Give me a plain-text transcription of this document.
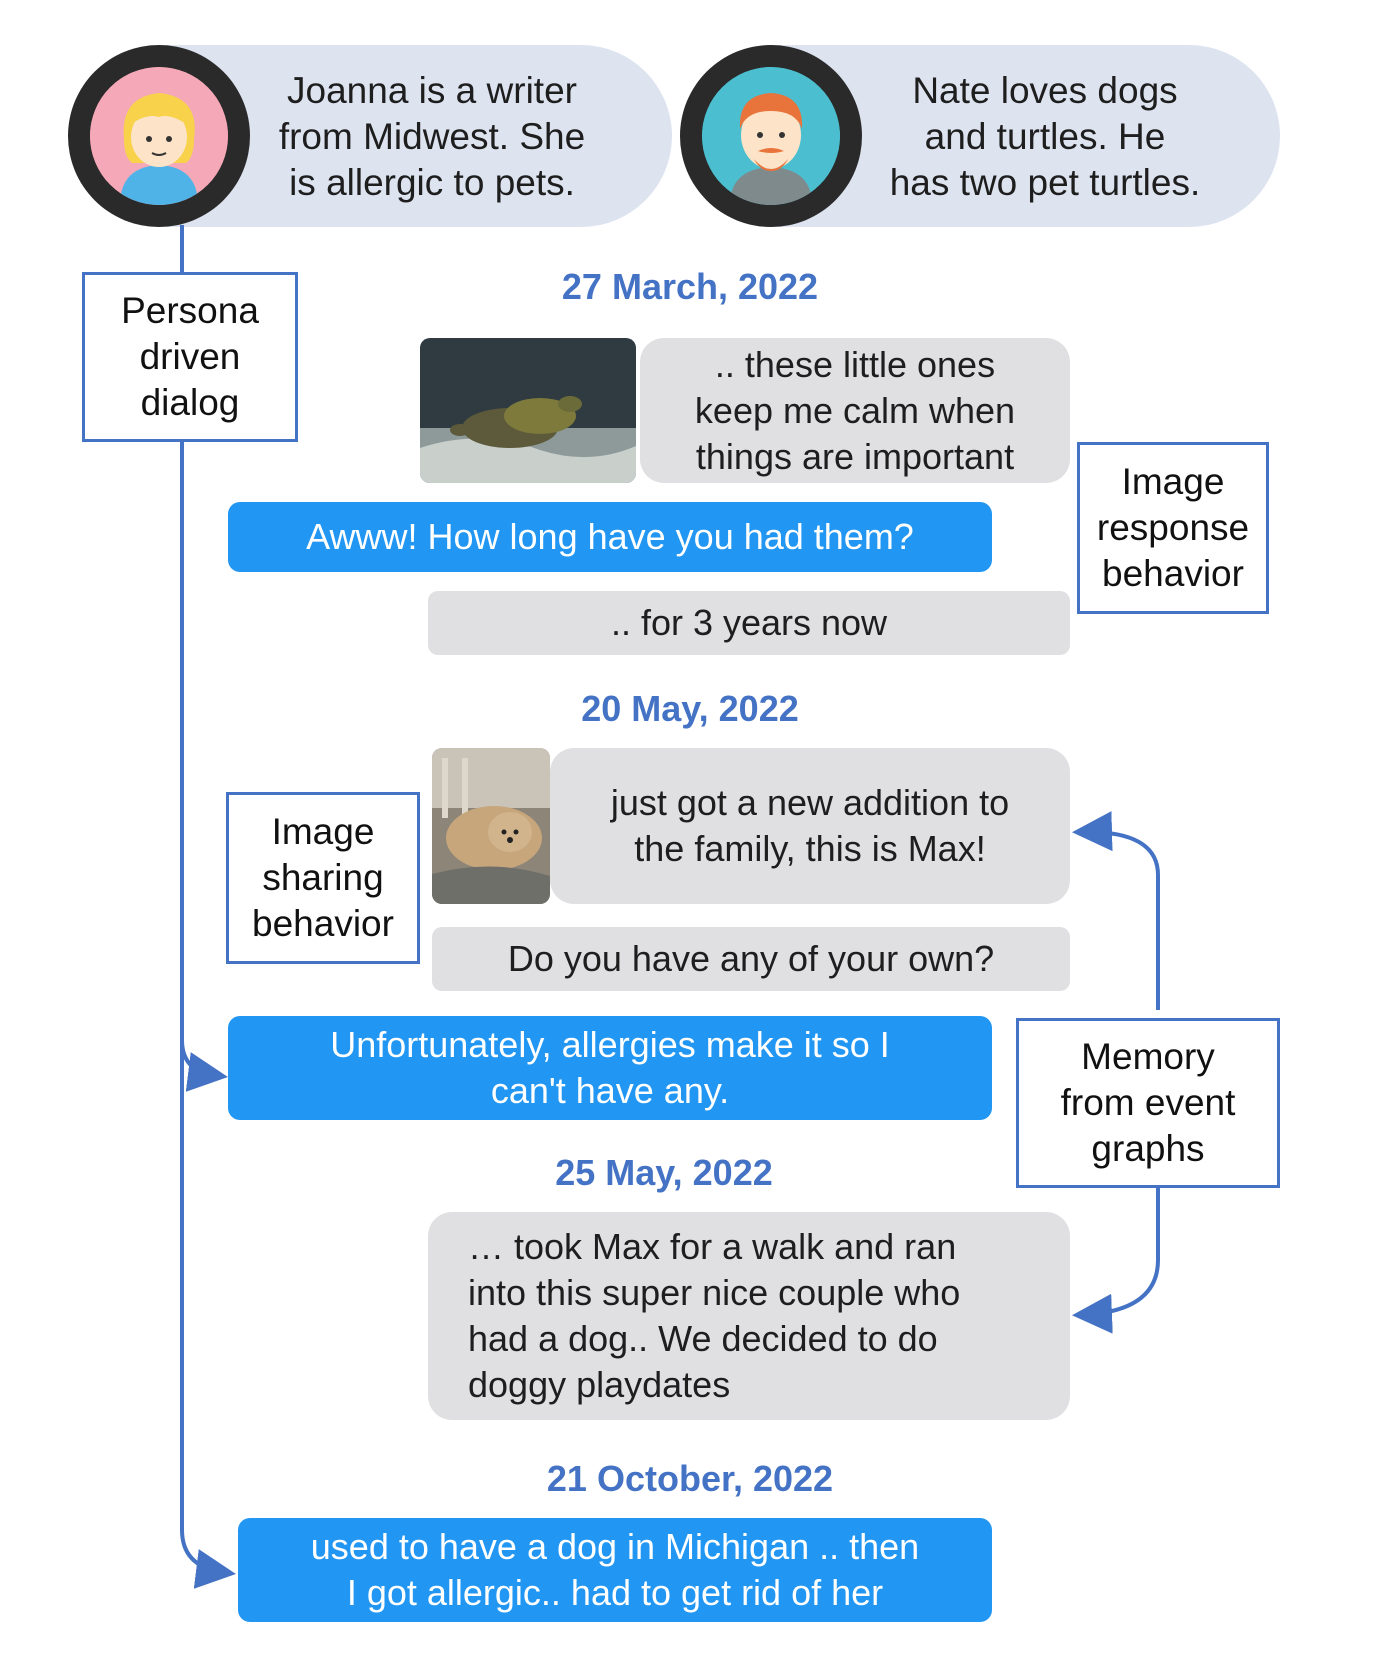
Joanna is a writer
from Midwest. She
is allergic to pets.
Nate loves dogs
and turtles. He
has two pet turtles.
Persona
driven
dialog
Image
response
behavior
Image
sharing
behavior
Memory
from event
graphs
27 March, 2022
.. these little ones
keep me calm when
things are important
Awww! How long have you had them?
.. for 3 years now
20 May, 2022
just got a new addition to
the family, this is Max!
Do you have any of your own?
Unfortunately, allergies make it so I
can't have any.
25 May, 2022
… took Max for a walk and ran
into this super nice couple who
had a dog.. We decided to do
doggy playdates
21 October, 2022
used to have a dog in Michigan .. then
I got allergic.. had to get rid of her
